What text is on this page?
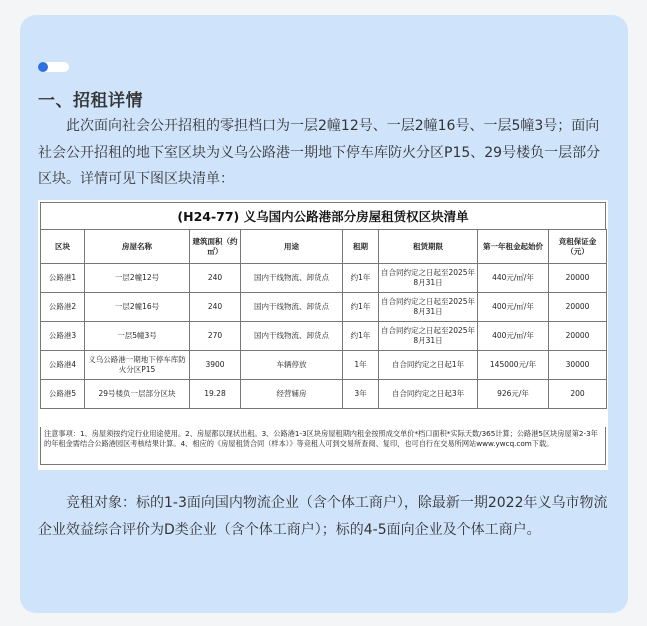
一、招租详情

此次面向社会公开招租的零担档口为一层2幢12号、一层2幢16号、一层5幢3号；面向社会公开招租的地下室区块为义乌公路港一期地下停车库防火分区P15、29号楼负一层部分区块。详情可见下图区块清单：

(H24-77) 义乌国内公路港部分房屋租赁权区块清单
区块	房屋名称	建筑面积（约㎡）	用途	租期	租赁期限	第一年租金起始价	竞租保证金（元）
公路港1	一层2幢12号	240	国内干线物流、卸货点	约1年	自合同约定之日起至2025年8月31日	440元/㎡/年	20000
公路港2	一层2幢16号	240	国内干线物流、卸货点	约1年	自合同约定之日起至2025年8月31日	400元/㎡/年	20000
公路港3	一层5幢3号	270	国内干线物流、卸货点	约1年	自合同约定之日起至2025年8月31日	400元/㎡/年	20000
公路港4	义乌公路港一期地下停车库防火分区P15	3900	车辆停放	1年	自合同约定之日起1年	145000元/年	30000
公路港5	29号楼负一层部分区块	19.28	经营辅房	3年	自合同约定之日起3年	926元/年	200
注意事项：1、房屋须按约定行业用途使用。2、房屋都以现状出租。3、公路港1-3区块房屋租期内租金按照成交单价*档口面积*实际天数/365计算；公路港5区块房屋第2-3年的年租金需结合公路港园区考核结果计算。4、相应的《房屋租赁合同（样本）》等竞租人可到交易所查阅、复印，也可自行在交易所网站www.ywcq.com下载。

竞租对象：标的1-3面向国内物流企业（含个体工商户），除最新一期2022年义乌市物流企业效益综合评价为D类企业（含个体工商户）；标的4-5面向企业及个体工商户。
